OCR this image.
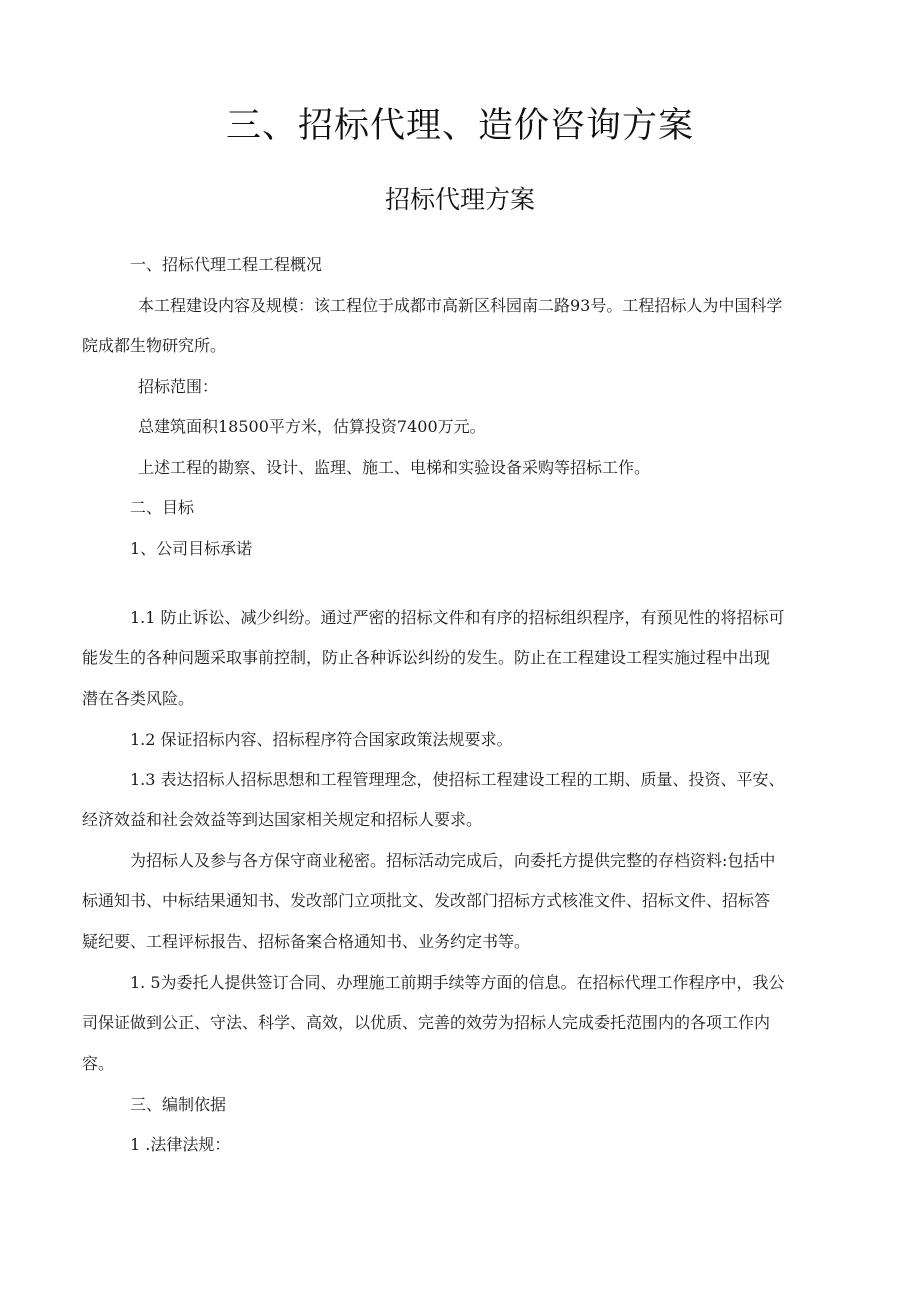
三、招标代理、造价咨询方案
招标代理方案
一、招标代理工程工程概况
本工程建设内容及规模：该工程位于成都市高新区科园南二路93号。工程招标人为中国科学
院成都生物研究所。
招标范围：
总建筑面积18500平方米，估算投资7400万元。
上述工程的勘察、设计、监理、施工、电梯和实验设备采购等招标工作。
二、目标
1、公司目标承诺
1.1 防止诉讼、减少纠纷。通过严密的招标文件和有序的招标组织程序，有预见性的将招标可
能发生的各种问题采取事前控制，防止各种诉讼纠纷的发生。防止在工程建设工程实施过程中出现
潜在各类风险。
1.2 保证招标内容、招标程序符合国家政策法规要求。
1.3 表达招标人招标思想和工程管理理念，使招标工程建设工程的工期、质量、投资、平安、
经济效益和社会效益等到达国家相关规定和招标人要求。
为招标人及参与各方保守商业秘密。招标活动完成后，向委托方提供完整的存档资料:包括中
标通知书、中标结果通知书、发改部门立项批文、发改部门招标方式核准文件、招标文件、招标答
疑纪要、工程评标报告、招标备案合格通知书、业务约定书等。
1. 5为委托人提供签订合同、办理施工前期手续等方面的信息。在招标代理工作程序中，我公
司保证做到公正、守法、科学、高效，以优质、完善的效劳为招标人完成委托范围内的各项工作内
容。
三、编制依据
1 .法律法规：
